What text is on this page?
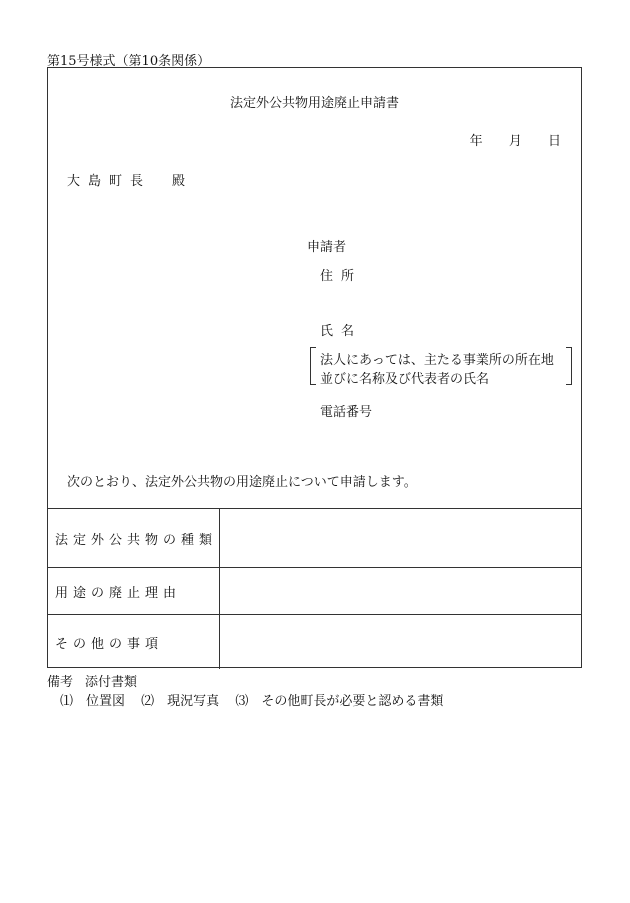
第15号様式（第10条関係）
法定外公共物用途廃止申請書
年 月 日
大島町長　殿
申請者
住所
氏名
法人にあっては、主たる事業所の所在地
並びに名称及び代表者の氏名
電話番号
次のとおり、法定外公共物の用途廃止について申請します。
法定外公共物の種類	
用途の廃止理由	
その他の事項	
備考 添付書類
⑴　位置図 ⑵　現況写真 ⑶　その他町長が必要と認める書類
